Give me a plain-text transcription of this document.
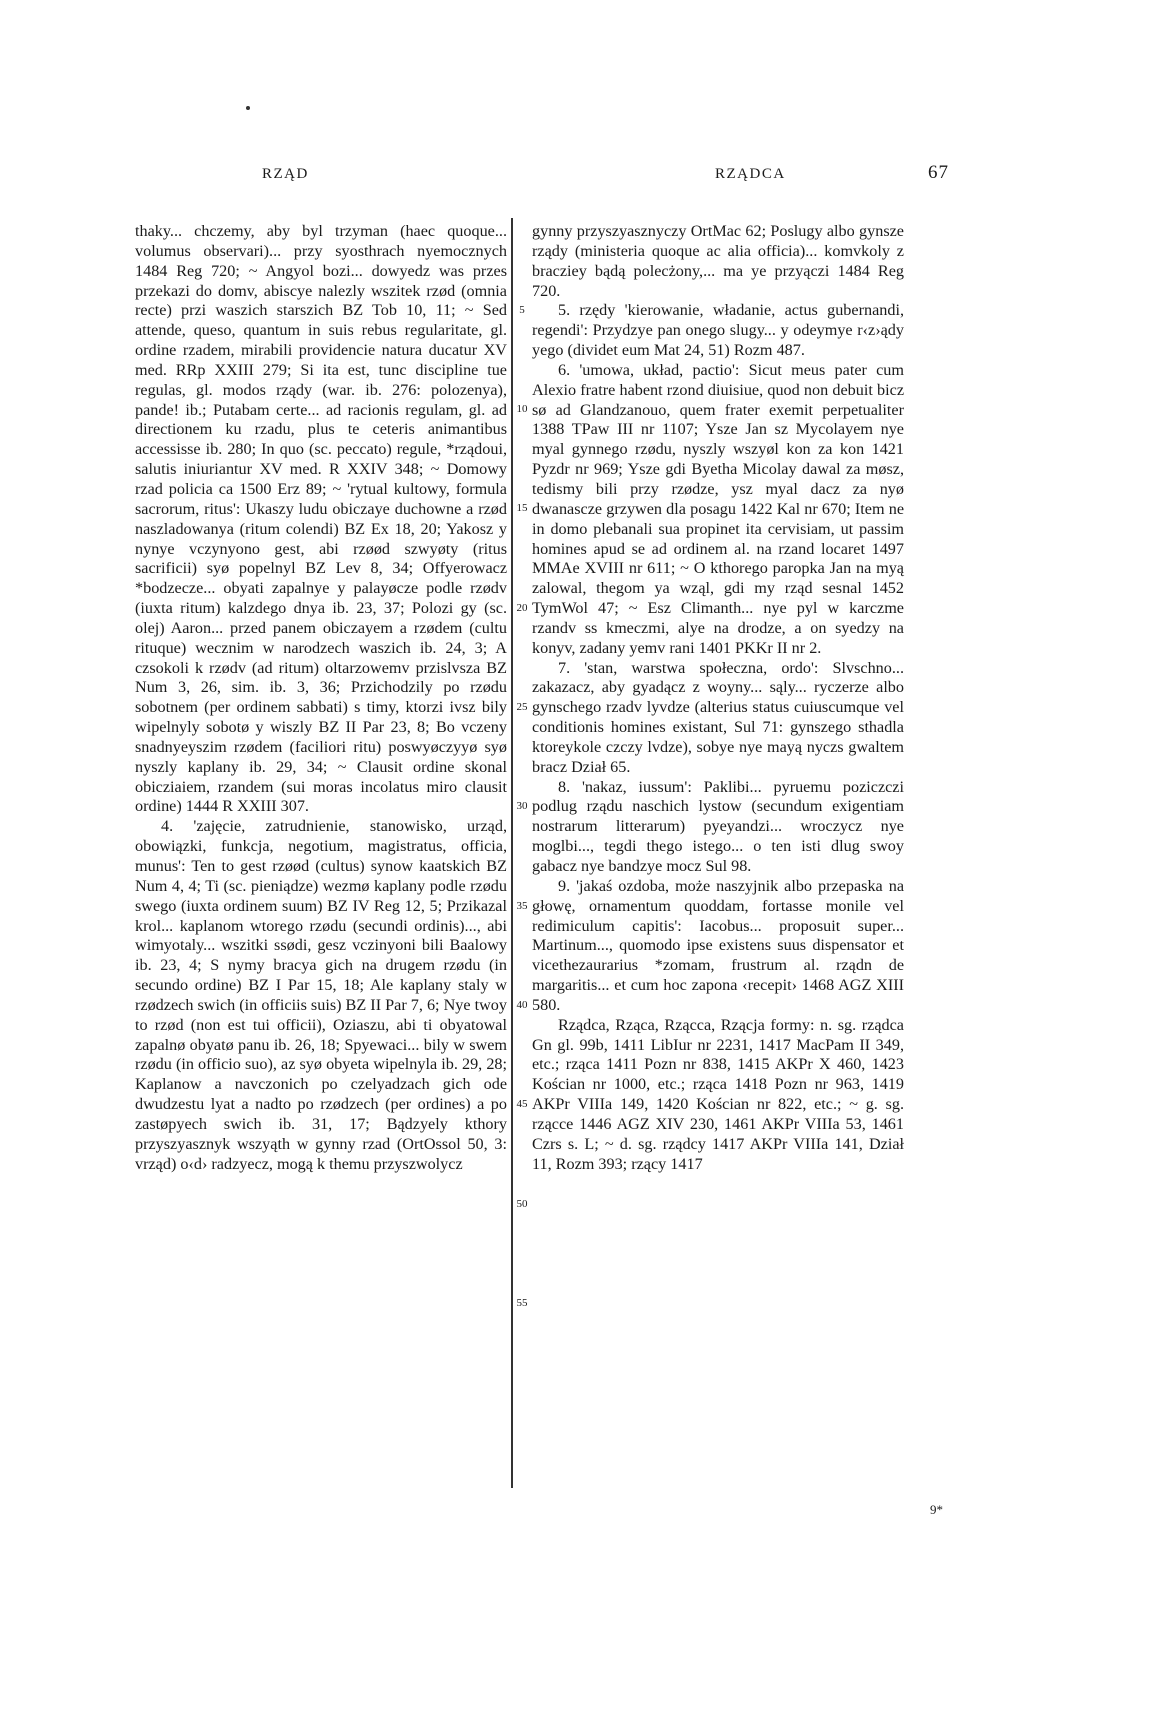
RZĄD	RZĄDCA	67

thaky... chczemy, aby byl trzyman (haec quoque... volumus observari)... przy syosthrach nyemocznych 1484 Reg 720; ~ Angyol bozi... dowyedz was przes przekazi do domv, abiscye nalezly wszitek rzød (omnia recte) przi waszich starszich BZ Tob 10, 11; ~ Sed attende, queso, quantum in suis rebus regularitate, gl. ordine rzadem, mirabili providencie natura ducatur XV med. RRp XXIII 279; Si ita est, tunc discipline tue regulas, gl. modos rządy (war. ib. 276: polozenya), pande! ib.; Putabam certe... ad racionis regulam, gl. ad directionem ku rzadu, plus te ceteris animantibus accessisse ib. 280; In quo (sc. peccato) regule, *rządoui, salutis iniuriantur XV med. R XXIV 348; ~ Domowy rzad policia ca 1500 Erz 89; ~ 'rytual kultowy, formula sacrorum, ritus': Ukaszy ludu obiczaye duchowne a rzød naszladowanya (ritum colendi) BZ Ex 18, 20; Yakosz y nynye vczynyono gest, abi rzøød szwyøty (ritus sacrificii) syø popelnyl BZ Lev 8, 34; Offyerowacz *bodzecze... obyati zapalnye y palayøcze podle rzødv (iuxta ritum) kalzdego dnya ib. 23, 37; Polozi gy (sc. olej) Aaron... przed panem obiczayem a rzødem (cultu rituque) wecznim w narodzech waszich ib. 24, 3; A czsokoli k rzødv (ad ritum) oltarzowemv przislvsza BZ Num 3, 26, sim. ib. 3, 36; Przichodzily po rzødu sobotnem (per ordinem sabbati) s timy, ktorzi ivsz bily wipelnyly sobotø y wiszly BZ II Par 23, 8; Bo vczeny snadnyeyszim rzødem (faciliori ritu) poswyøczyyø syø nyszly kaplany ib. 29, 34; ~ Clausit ordine skonal obicziaiem, rzandem (sui moras incolatus miro clausit ordine) 1444 R XXIII 307.

4. 'zajęcie, zatrudnienie, stanowisko, urząd, obowiązki, funkcja, negotium, magistratus, officia, munus': Ten to gest rzøød (cultus) synow kaatskich BZ Num 4, 4; Ti (sc. pieniądze) wezmø kaplany podle rzødu swego (iuxta ordinem suum) BZ IV Reg 12, 5; Przikazal krol... kaplanom wtorego rzødu (secundi ordinis)..., abi wimyotaly... wszitki ssødi, gesz vczinyoni bili Baalowy ib. 23, 4; S nymy bracya gich na drugem rzødu (in secundo ordine) BZ I Par 15, 18; Ale kaplany staly w rzødzech swich (in officiis suis) BZ II Par 7, 6; Nye twoy to rzød (non est tui officii), Oziaszu, abi ti obyatowal zapalnø obyatø panu ib. 26, 18; Spyewaci... bily w swem rzødu (in officio suo), az syø obyeta wipelnyla ib. 29, 28; Kaplanow a navczonich po czelyadzach gich ode dwudzestu lyat a nadto po rzødzech (per ordines) a po zastøpyech swich ib. 31, 17; Bądzyely kthory przyszyasznyk wszyąth w gynny rzad (OrtOssol 50, 3: vrząd) o‹d› radzyecz, mogą k themu przyszwolycz

5
10
15
20
25
30
35
40
45
50
55

gynny przyszyasznyczy OrtMac 62; Poslugy albo gynsze rządy (ministeria quoque ac alia officia)... komvkoly z bracziey bądą polecżony,... ma ye przyączi 1484 Reg 720.

5. rzędy 'kierowanie, władanie, actus gubernandi, regendi': Przydzye pan onego slugy... y odeymye r‹z›ądy yego (dividet eum Mat 24, 51) Rozm 487.

6. 'umowa, układ, pactio': Sicut meus pater cum Alexio fratre habent rzond diuisiue, quod non debuit bicz sø ad Glandzanouo, quem frater exemit perpetualiter 1388 TPaw III nr 1107; Ysze Jan sz Mycolayem nye myal gynnego rzødu, nyszly wszyøl kon za kon 1421 Pyzdr nr 969; Ysze gdi Byetha Micolay dawal za møsz, tedismy bili przy rzødze, ysz myal dacz za nyø dwanascze grzywen dla posagu 1422 Kal nr 670; Item ne in domo plebanali sua propinet ita cervisiam, ut passim homines apud se ad ordinem al. na rzand locaret 1497 MMAe XVIII nr 611; ~ O kthorego paropka Jan na myą zalowal, thegom ya wząl, gdi my rząd sesnal 1452 TymWol 47; ~ Esz Climanth... nye pyl w karczme rzandv ss kmeczmi, alye na drodze, a on syedzy na konyv, zadany yemv rani 1401 PKKr II nr 2.

7. 'stan, warstwa społeczna, ordo': Slvschno... zakazacz, aby gyadącz z woyny... sąly... ryczerze albo gynschego rzadv lyvdze (alterius status cuiuscumque vel conditionis homines existant, Sul 71: gynszego sthadla ktoreykole czczy lvdze), sobye nye mayą nyczs gwaltem bracz Dział 65.

8. 'nakaz, iussum': Paklibi... pyruemu poziczczi podlug rządu naschich lystow (secundum exigentiam nostrarum litterarum) pyeyandzi... wroczycz nye moglbi..., tegdi thego istego... o ten isti dlug swoy gabacz nye bandzye mocz Sul 98.

9. 'jakaś ozdoba, może naszyjnik albo przepaska na głowę, ornamentum quoddam, fortasse monile vel redimiculum capitis': Iacobus... proposuit super... Martinum..., quomodo ipse existens suus dispensator et vicethezaurarius *zomam, frustrum al. rządn de margaritis... et cum hoc zapona ‹recepit› 1468 AGZ XIII 580.

Rządca, Rząca, Rzącca, Rzącja formy: n. sg. rządca Gn gl. 99b, 1411 LibIur nr 2231, 1417 MacPam II 349, etc.; rząca 1411 Pozn nr 838, 1415 AKPr X 460, 1423 Kościan nr 1000, etc.; rząca 1418 Pozn nr 963, 1419 AKPr VIIIa 149, 1420 Kościan nr 822, etc.; ~ g. sg. rzącce 1446 AGZ XIV 230, 1461 AKPr VIIIa 53, 1461 Czrs s. L; ~ d. sg. rządcy 1417 AKPr VIIIa 141, Dział 11, Rozm 393; rzący 1417

9*
